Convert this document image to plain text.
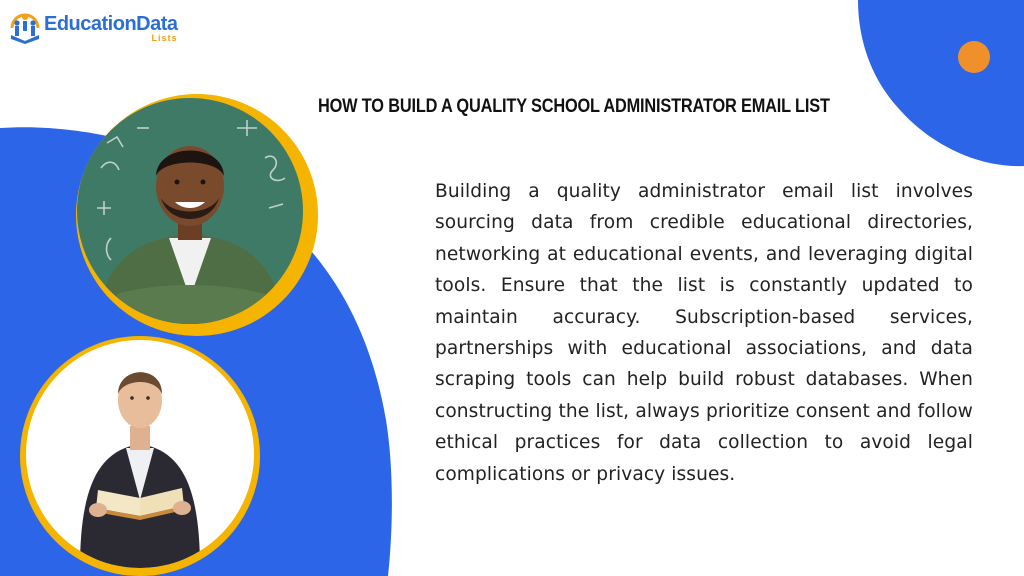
EducationData
Lists
HOW TO BUILD A QUALITY SCHOOL ADMINISTRATOR EMAIL LIST

Building a quality administrator email list involves sourcing data from credible educational directories, networking at educational events, and leveraging digital tools. Ensure that the list is constantly updated to maintain accuracy. Subscription-based services, partnerships with educational associations, and data scraping tools can help build robust databases. When constructing the list, always prioritize consent and follow ethical practices for data collection to avoid legal complications or privacy issues.
